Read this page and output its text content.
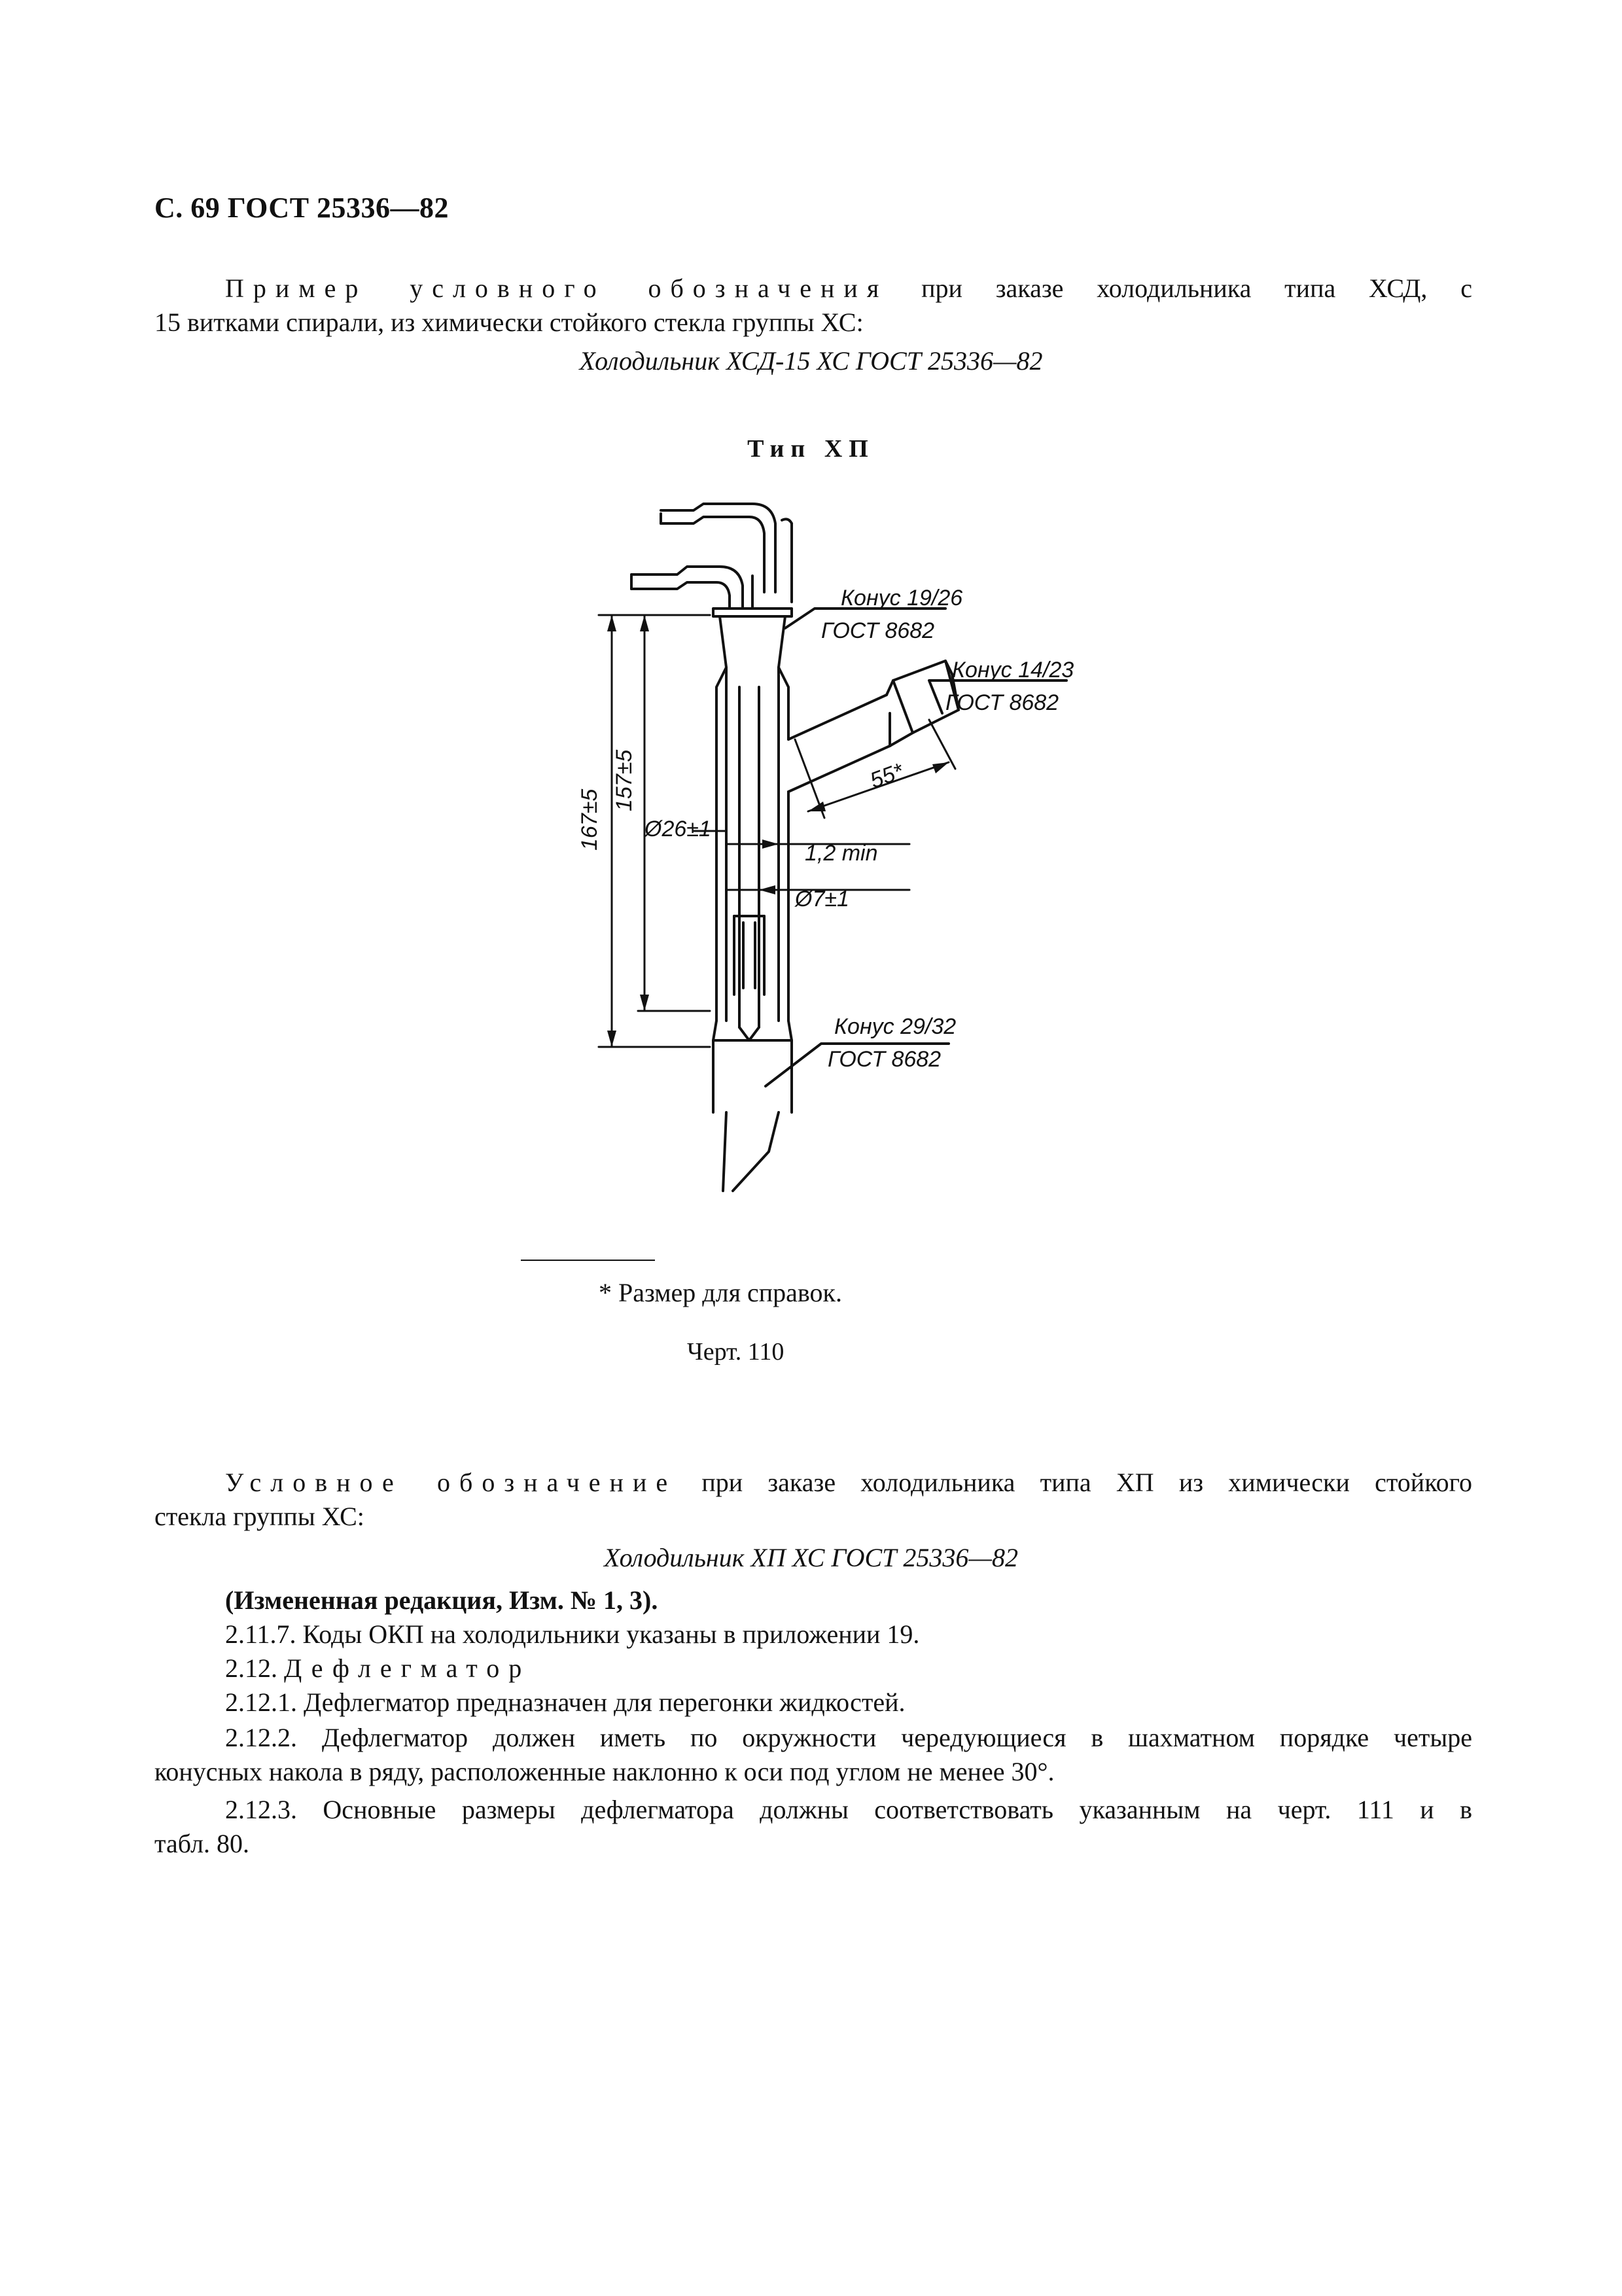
С. 69 ГОСТ 25336—82
Пример условного обозначения при заказе холодильника типа ХСД, с
15 витками спирали, из химически стойкого стекла группы ХС:
Холодильник ХСД-15 ХС ГОСТ 25336—82
Тип ХП
Конус 19/26
ГОСТ 8682
Конус 14/23
ГОСТ 8682
Конус 29/32
ГОСТ 8682
55*
1,2 min
Ø7±1
Ø26±1
167±5
157±5
* Размер для справок.
Черт. 110
Условное обозначение при заказе холодильника типа ХП из химически стойкого
стекла группы ХС:
Холодильник ХП ХС ГОСТ 25336—82
(Измененная редакция, Изм. № 1, 3).
2.11.7. Коды ОКП на холодильники указаны в приложении 19.
2.12. Дефлегматор
2.12.1. Дефлегматор предназначен для перегонки жидкостей.
2.12.2. Дефлегматор должен иметь по окружности чередующиеся в шахматном порядке четыре
конусных накола в ряду, расположенные наклонно к оси под углом не менее 30°.
2.12.3. Основные размеры дефлегматора должны соответствовать указанным на черт. 111 и в
табл. 80.
